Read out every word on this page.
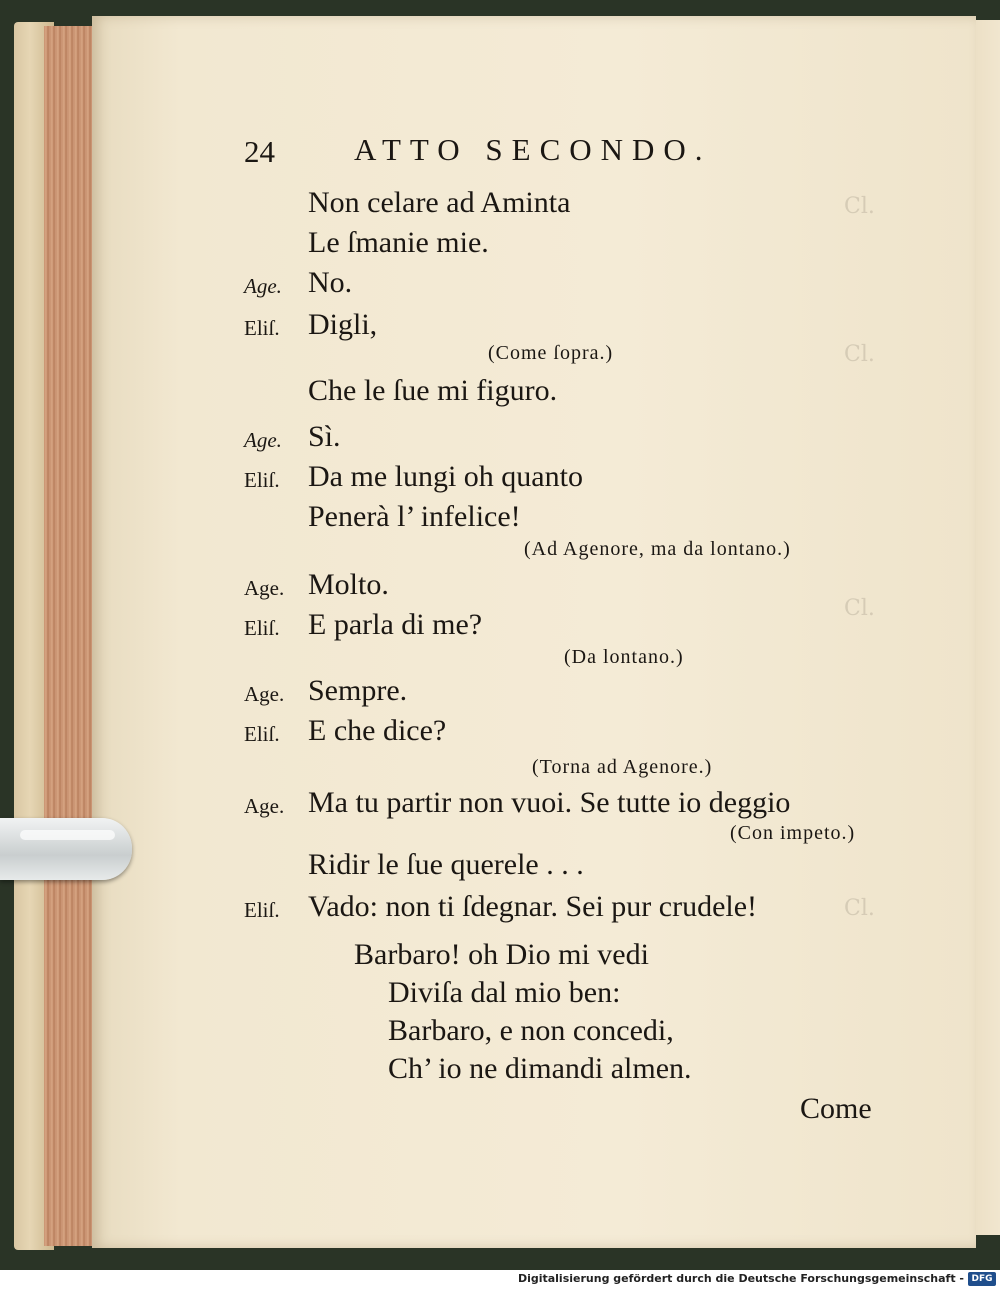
Cl.
Cl.
Cl.
Cl.
24	ATTO SECONDO.
Non celare ad Aminta
Le ſmanie mie.
Age. No.
Eliſ. Digli,
(Come ſopra.)
Che le ſue mi figuro.
Age. Sì.
Eliſ. Da me lungi oh quanto
Penerà l’ infelice!
(Ad Agenore, ma da lontano.)
Age. Molto.
Eliſ. E parla di me?
(Da lontano.)
Age. Sempre.
Eliſ. E che dice?
(Torna ad Agenore.)
Age. Ma tu partir non vuoi. Se tutte io deggio
(Con impeto.)
Ridir le ſue querele . . .
Eliſ. Vado: non ti ſdegnar. Sei pur crudele!
Barbaro! oh Dio mi vedi
Diviſa dal mio ben:
Barbaro, e non concedi,
Ch’ io ne dimandi almen.
Come
Digitalisierung gefördert durch die Deutsche Forschungsgemeinschaft - DFG
